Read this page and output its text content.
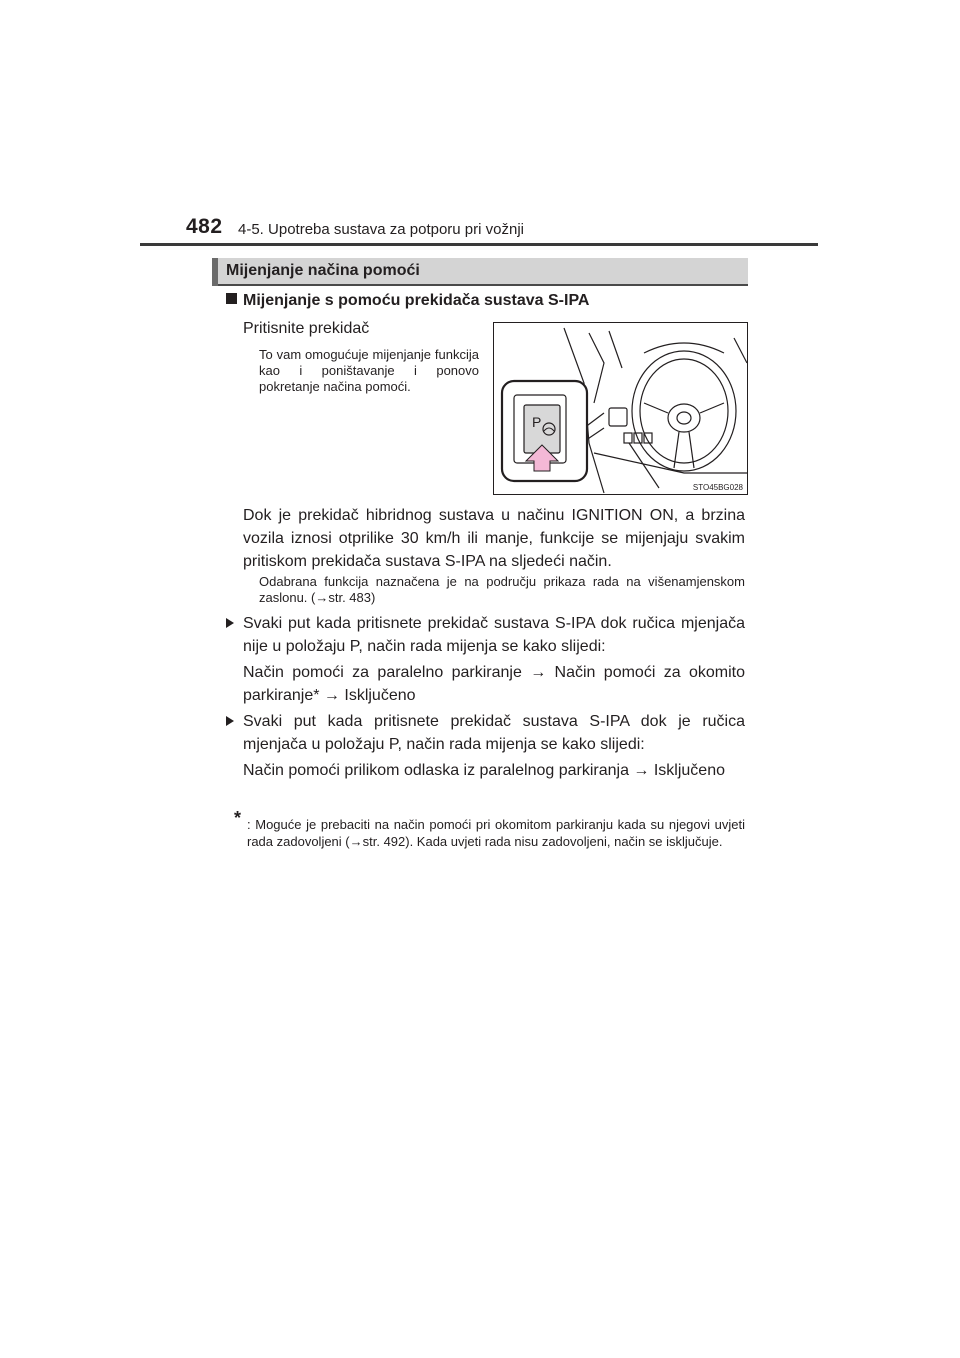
482 4-5. Upotreba sustava za potporu pri vožnji
Mijenjanje načina pomoći
Mijenjanje s pomoću prekidača sustava S-IPA
Pritisnite prekidač
To vam omogućuje mijenjanje funkcija kao i poništavanje i ponovo pokretanje načina pomoći.
P
STO45BG028
Dok je prekidač hibridnog sustava u načinu IGNITION ON, a brzina vozila iznosi otprilike 30 km/h ili manje, funkcije se mijenjaju svakim pritiskom prekidača sustava S-IPA na sljedeći način.
Odabrana funkcija naznačena je na području prikaza rada na višenamjenskom zaslonu. (→str. 483)
Svaki put kada pritisnete prekidač sustava S-IPA dok ručica mjenjača nije u položaju P, način rada mijenja se kako slijedi:
Način pomoći za paralelno parkiranje → Način pomoći za okomito parkiranje* → Isključeno
Svaki put kada pritisnete prekidač sustava S-IPA dok je ručica mjenjača u položaju P, način rada mijenja se kako slijedi:
Način pomoći prilikom odlaska iz paralelnog parkiranja → Isključeno
* : Moguće je prebaciti na način pomoći pri okomitom parkiranju kada su njegovi uvjeti rada zadovoljeni (→str. 492). Kada uvjeti rada nisu zadovoljeni, način se isključuje.
